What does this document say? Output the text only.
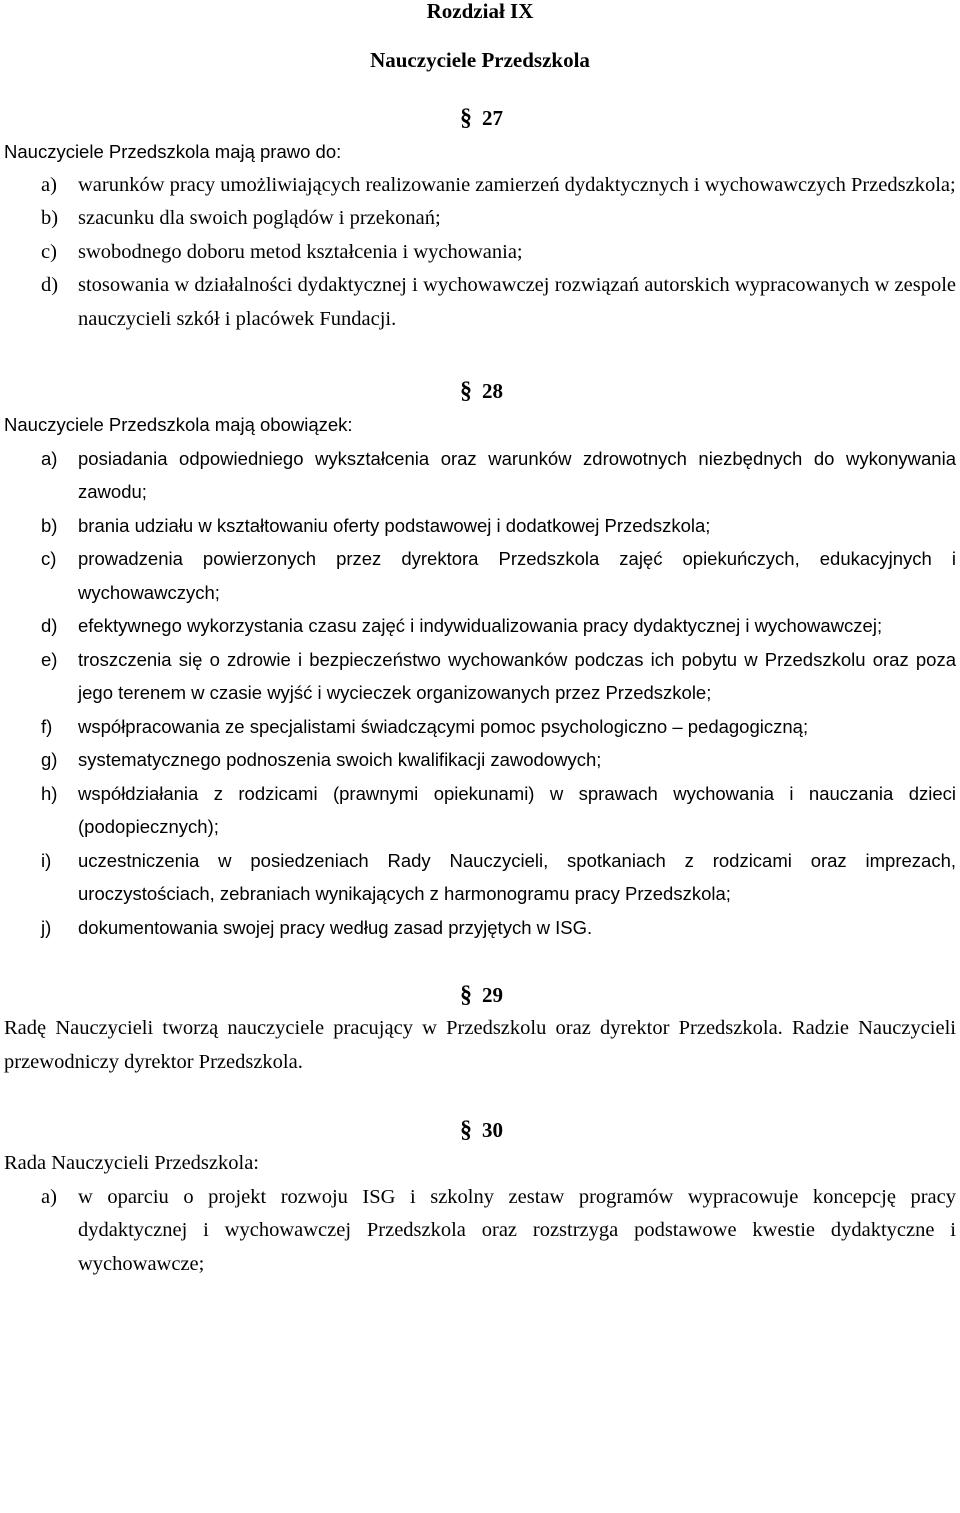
Rozdział IX
Nauczyciele Przedszkola
§ 27

Nauczyciele Przedszkola mają prawo do:

a)	warunków pracy umożliwiających realizowanie zamierzeń dydaktycznych i wychowawczych Przedszkola;
b) szacunku dla swoich poglądów i przekonań;
c)	swobodnego doboru metod kształcenia i wychowania;
d) stosowania w działalności dydaktycznej i wychowawczej rozwiązań autorskich wypracowanych w zespole nauczycieli szkół i placówek Fundacji.
§ 28

Nauczyciele Przedszkola mają obowiązek:

a)	posiadania odpowiedniego wykształcenia oraz warunków zdrowotnych niezbędnych do wykonywania zawodu;
b)	brania udziału w kształtowaniu oferty podstawowej i dodatkowej Przedszkola;
c)	prowadzenia powierzonych przez dyrektora Przedszkola zajęć opiekuńczych, edukacyjnych i wychowawczych;
d)	efektywnego wykorzystania czasu zajęć i indywidualizowania pracy dydaktycznej i wychowawczej;
e)	troszczenia się o zdrowie i bezpieczeństwo wychowanków podczas ich pobytu w Przedszkolu oraz poza jego terenem w czasie wyjść i wycieczek organizowanych przez Przedszkole;
f)	współpracowania ze specjalistami świadczącymi pomoc psychologiczno – pedagogiczną;
g)	systematycznego podnoszenia swoich kwalifikacji zawodowych;
h)	współdziałania z rodzicami (prawnymi opiekunami) w sprawach wychowania i nauczania dzieci (podopiecznych);
i)	uczestniczenia w posiedzeniach Rady Nauczycieli, spotkaniach z rodzicami oraz imprezach, uroczystościach, zebraniach wynikających z harmonogramu pracy Przedszkola;
j)	dokumentowania swojej pracy według zasad przyjętych w ISG.
§ 29

Radę Nauczycieli tworzą nauczyciele pracujący w Przedszkolu oraz dyrektor Przedszkola. Radzie Nauczycieli przewodniczy dyrektor Przedszkola.

§ 30

Rada Nauczycieli Przedszkola:

a)	w oparciu o projekt rozwoju ISG i szkolny zestaw programów wypracowuje koncepcję pracy dydaktycznej i wychowawczej Przedszkola oraz rozstrzyga podstawowe kwestie dydaktyczne i wychowawcze;
